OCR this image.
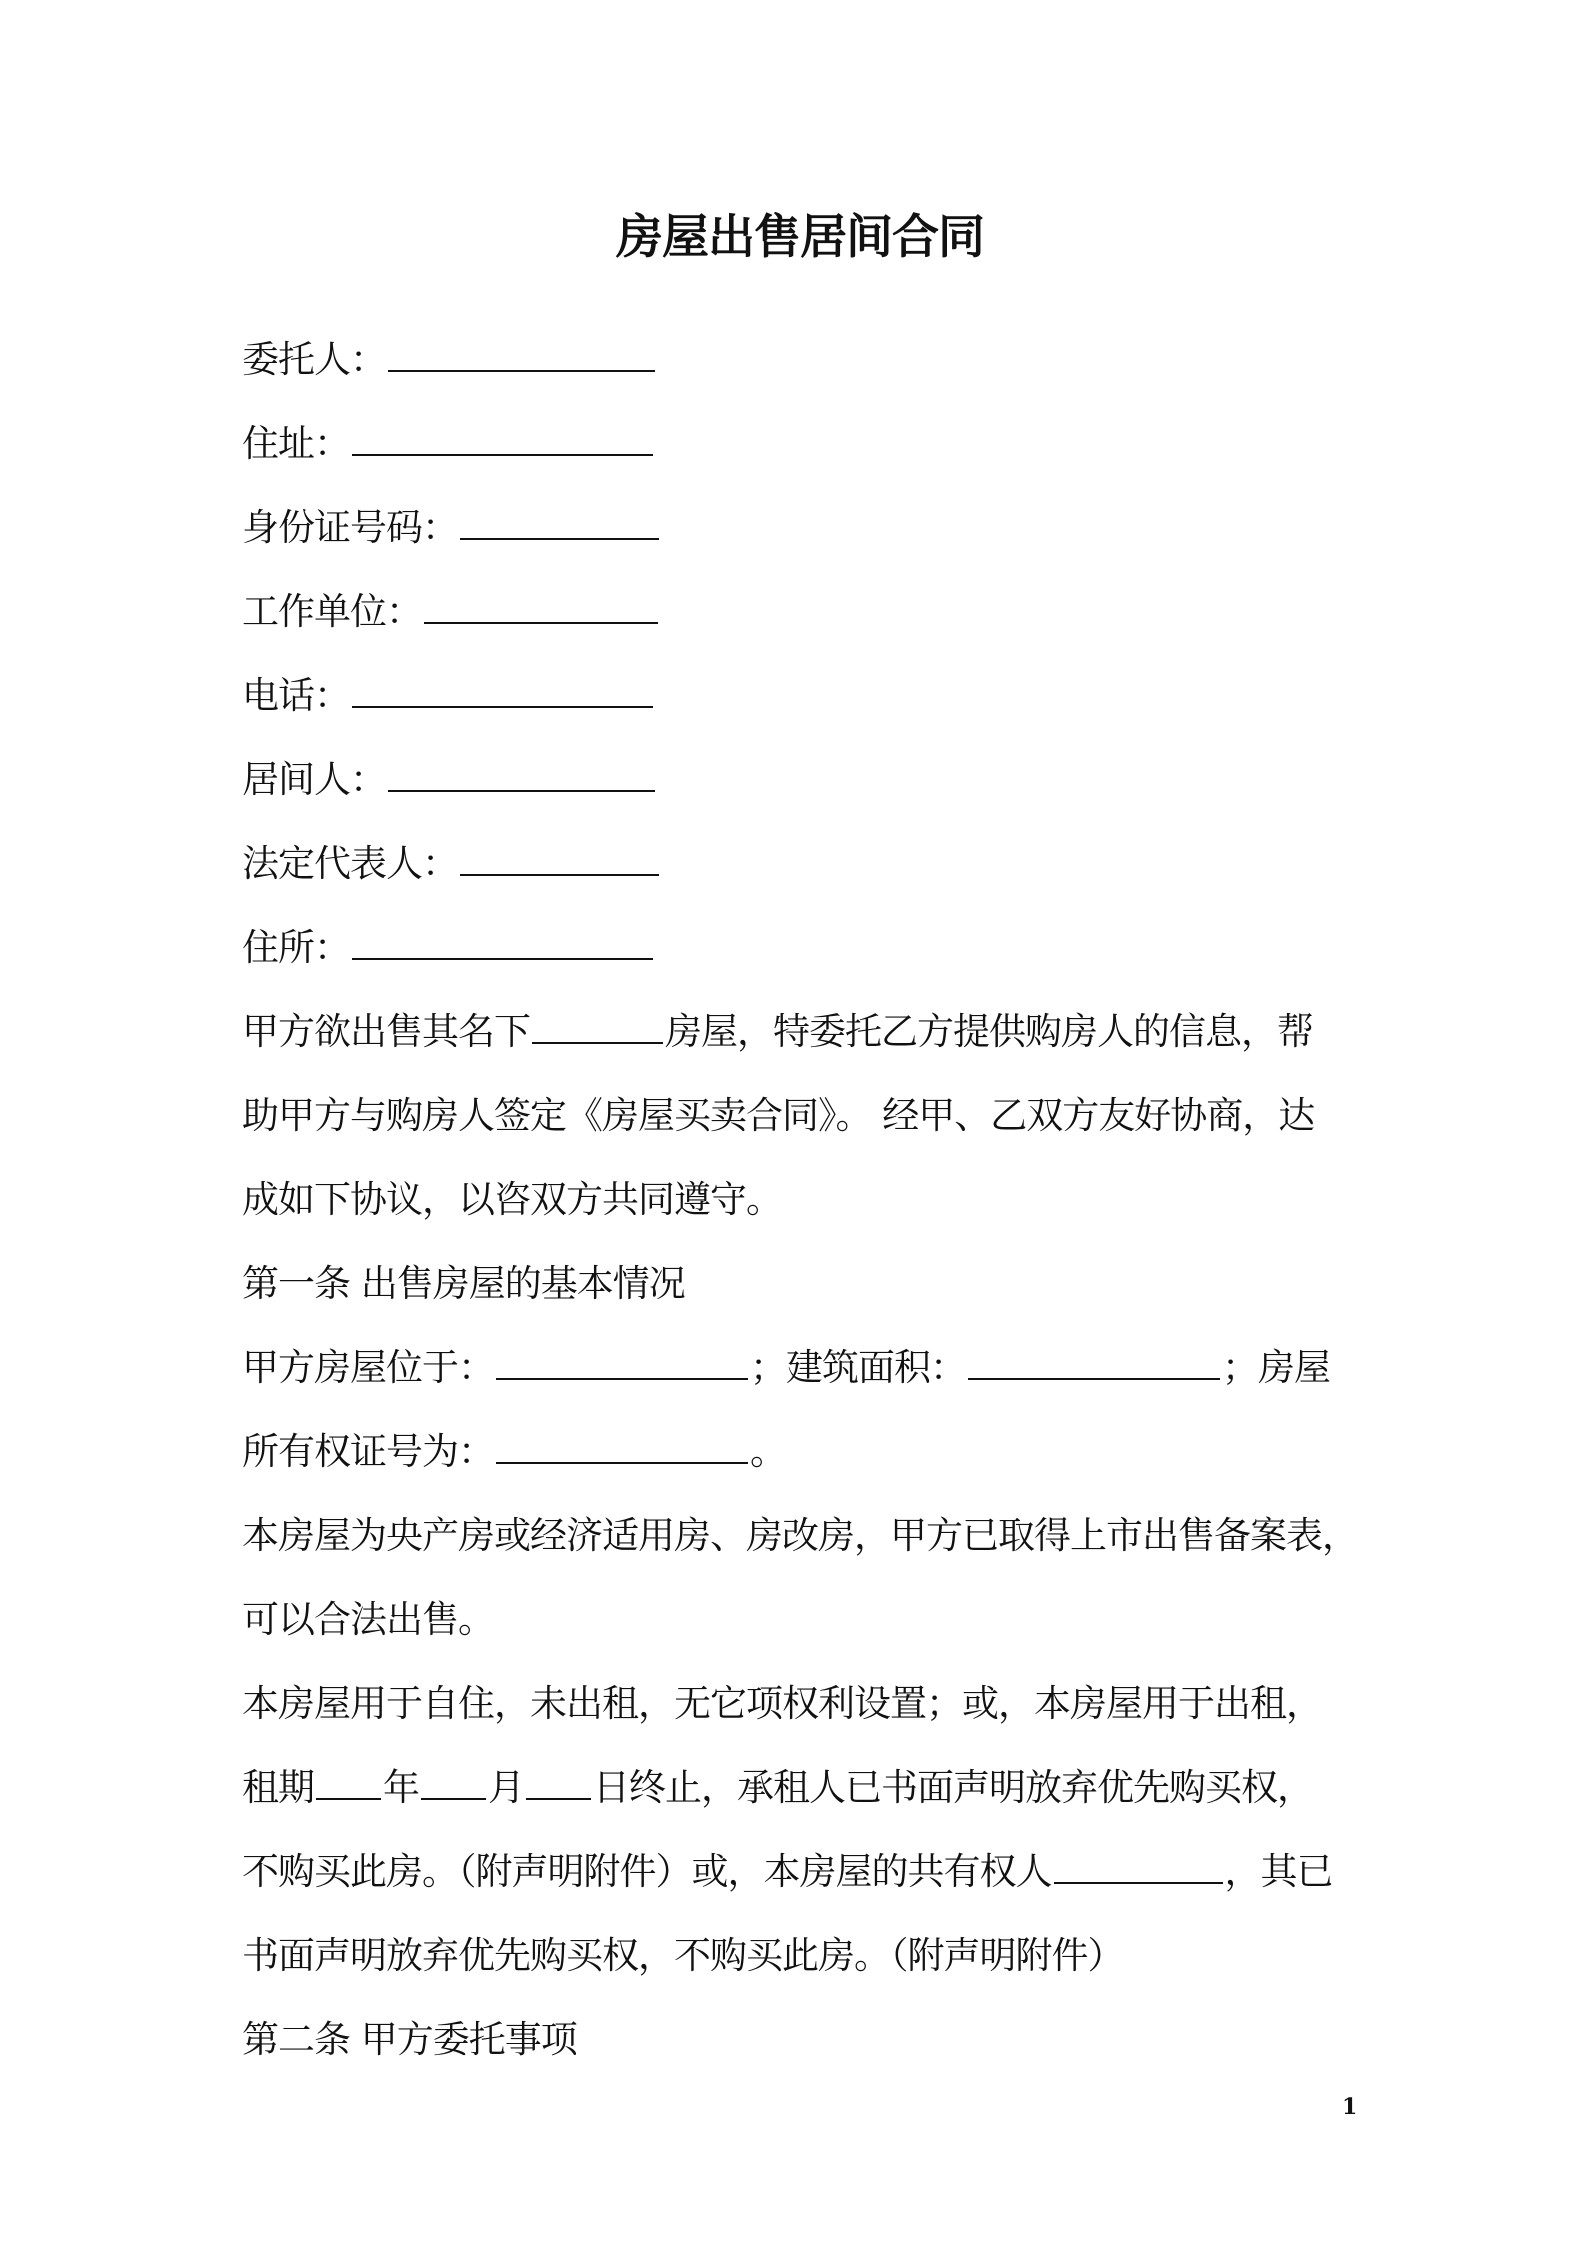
房屋出售居间合同
委托人：
住址：
身份证号码：
工作单位：
电话：
居间人：
法定代表人：
住所：
甲方欲出售其名下	房屋，特委托乙方提供购房人的信息，帮
助甲方与购房人签定《房屋买卖合同》。 经甲、乙双方友好协商，达
成如下协议，以咨双方共同遵守。
第一条 出售房屋的基本情况
甲方房屋位于：	；建筑面积：	；房屋
所有权证号为：	。
本房屋为央产房或经济适用房、房改房，甲方已取得上市出售备案表，
可以合法出售。
本房屋用于自住，未出租，无它项权利设置；或，本房屋用于出租，
租期 年 月 日终止，承租人已书面声明放弃优先购买权，
不购买此房。（附声明附件）或，本房屋的共有权人	，其已
书面声明放弃优先购买权，不购买此房。（附声明附件）
第二条 甲方委托事项
1
